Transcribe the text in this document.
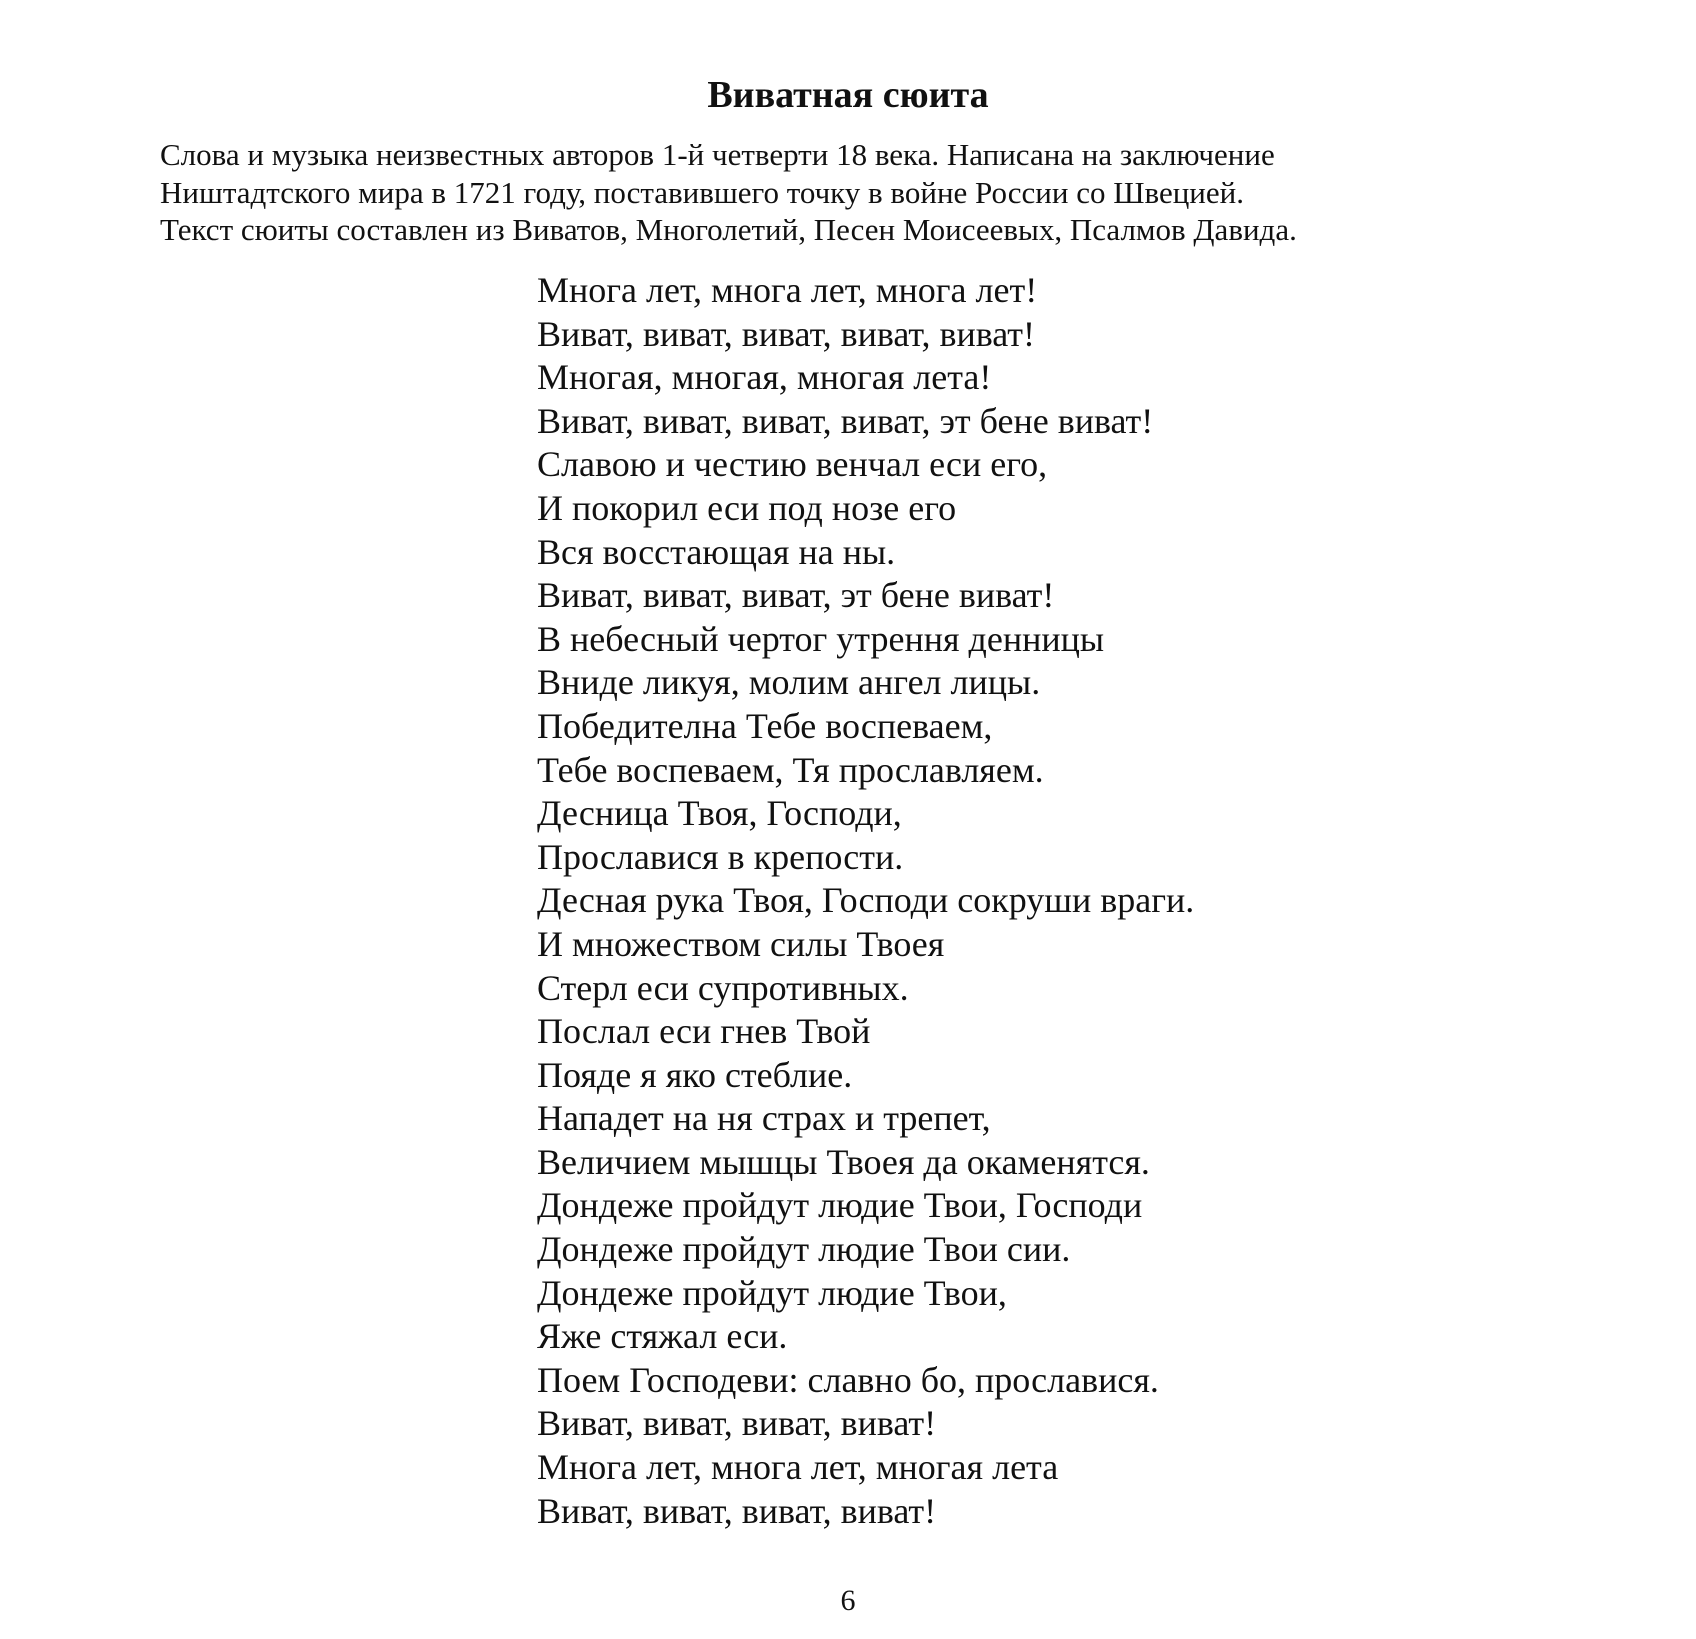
Виватная сюита
Слова и музыка неизвестных авторов 1-й четверти 18 века. Написана на заключение
Ништадтского мира в 1721 году, поставившего точку в войне России со Швецией.
Текст сюиты составлен из Виватов, Многолетий, Песен Моисеевых, Псалмов Давида.
Многа лет, многа лет, многа лет!
Виват, виват, виват, виват, виват!
Многая, многая, многая лета!
Виват, виват, виват, виват, эт бене виват!
Славою и честию венчал еси его,
И покорил еси под нозе его
Вся восстающая на ны.
Виват, виват, виват, эт бене виват!
В небесный чертог утрення денницы
Вниде ликуя, молим ангел лицы.
Победителна Тебе воспеваем,
Тебе воспеваем, Тя прославляем.
Десница Твоя, Господи,
Прославися в крепости.
Десная рука Твоя, Господи сокруши враги.
И множеством силы Твоея
Стерл еси супротивных.
Послал еси гнев Твой
Пояде я яко стеблие.
Нападет на ня страх и трепет,
Величием мышцы Твоея да окаменятся.
Дондеже пройдут людие Твои, Господи
Дондеже пройдут людие Твои сии.
Дондеже пройдут людие Твои,
Яже стяжал еси.
Поем Господеви: славно бо, прославися.
Виват, виват, виват, виват!
Многа лет, многа лет, многая лета
Виват, виват, виват, виват!
6
